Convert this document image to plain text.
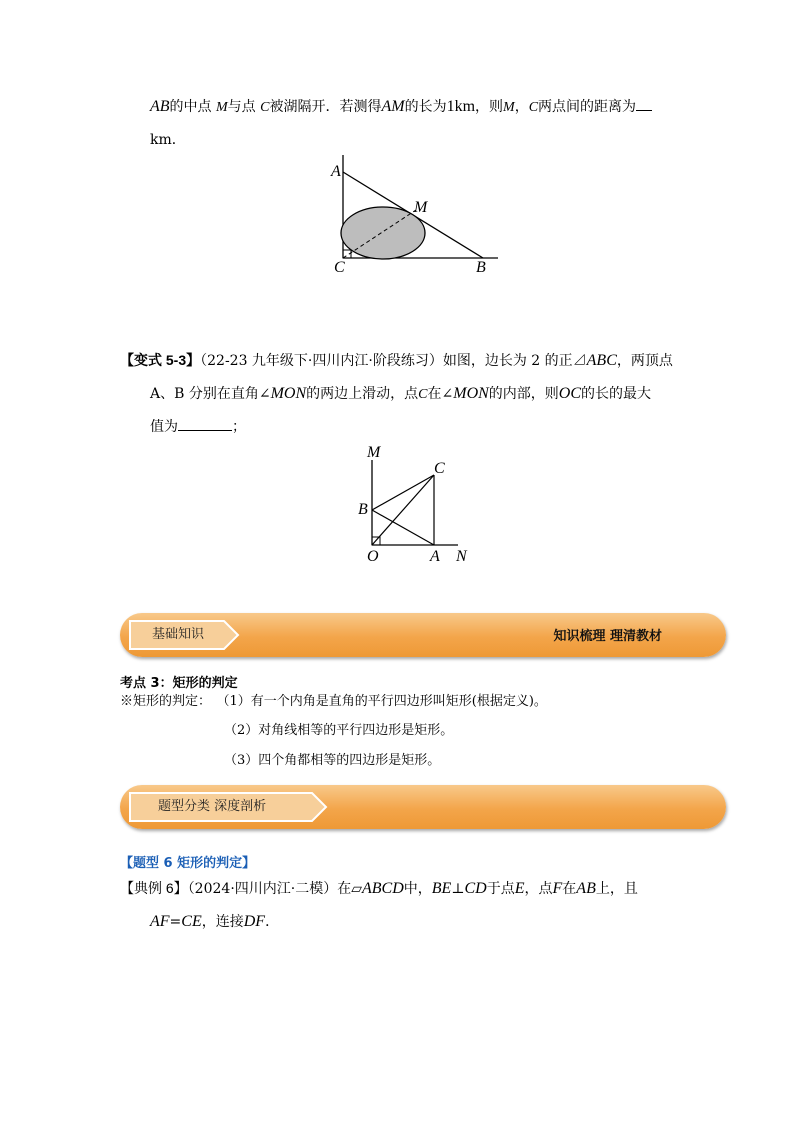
AB的中点 M与点 C被湖隔开．若测得AM的长为1km，则M，C两点间的距离为
km．
A
M
C	B
【变式 5-3】（22-23 九年级下·四川内江·阶段练习）如图，边长为 2 的正⊿ABC，两顶点
A、B 分别在直角∠MON的两边上滑动，点C在∠MON的内部，则OC的长的最大
值为	；
M
C
B
O	A N
基础知识	知识梳理 理清教材
考点 3：矩形的判定
※矩形的判定： （1）有一个内角是直角的平行四边形叫矩形(根据定义)。
（2）对角线相等的平行四边形是矩形。
（3）四个角都相等的四边形是矩形。
题型分类 深度剖析
【题型 6 矩形的判定】
【典例 6】（2024·四川内江·二模）在▱ABCD中，BE⊥CD于点E，点F在AB上，且
AF=CE，连接DF．
